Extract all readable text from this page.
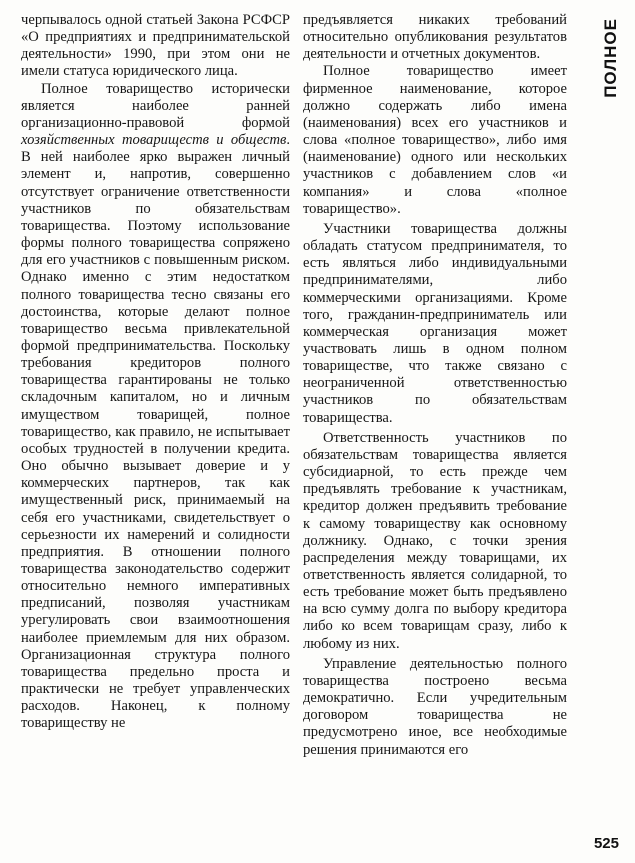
черпывалось одной статьей Закона РСФСР «О предприятиях и предпринимательской деятельности» 1990, при этом они не имели статуса юридического лица.

Полное товарищество исторически является наиболее ранней организационно-правовой формой хозяйственных товариществ и обществ. В ней наиболее ярко выражен личный элемент и, напротив, совершенно отсутствует ограничение ответственности участников по обязательствам товарищества. Поэтому использование формы полного товарищества сопряжено для его участников с повышенным риском. Однако именно с этим недостатком полного товарищества тесно связаны его достоинства, которые делают полное товарищество весьма привлекательной формой предпринимательства. Поскольку требования кредиторов полного товарищества гарантированы не только складочным капиталом, но и личным имуществом товарищей, полное товарищество, как правило, не испытывает особых трудностей в получении кредита. Оно обычно вызывает доверие и у коммерческих партнеров, так как имущественный риск, принимаемый на себя его участниками, свидетельствует о серьезности их намерений и солидности предприятия. В отношении полного товарищества законодательство содержит относительно немного императивных предписаний, позволяя участникам урегулировать свои взаимоотношения наиболее приемлемым для них образом. Организационная структура полного товарищества предельно проста и практически не требует управленческих расходов. Наконец, к полному товариществу не

предъявляется никаких требований относительно опубликования результатов деятельности и отчетных документов.

Полное товарищество имеет фирменное наименование, которое должно содержать либо имена (наименования) всех его участников и слова «полное товарищество», либо имя (наименование) одного или нескольких участников с добавлением слов «и компания» и слова «полное товарищество».

Участники товарищества должны обладать статусом предпринимателя, то есть являться либо индивидуальными предпринимателями, либо коммерческими организациями. Кроме того, гражданин-предприниматель или коммерческая организация может участвовать лишь в одном полном товариществе, что также связано с неограниченной ответственностью участников по обязательствам товарищества.

Ответственность участников по обязательствам товарищества является субсидиарной, то есть прежде чем предъявлять требование к участникам, кредитор должен предъявить требование к самому товариществу как основному должнику. Однако, с точки зрения распределения между товарищами, их ответственность является солидарной, то есть требование может быть предъявлено на всю сумму долга по выбору кредитора либо ко всем товарищам сразу, либо к любому из них.

Управление деятельностью полного товарищества построено весьма демократично. Если учредительным договором товарищества не предусмотрено иное, все необходимые решения принимаются его

ПОЛНОЕ
525
